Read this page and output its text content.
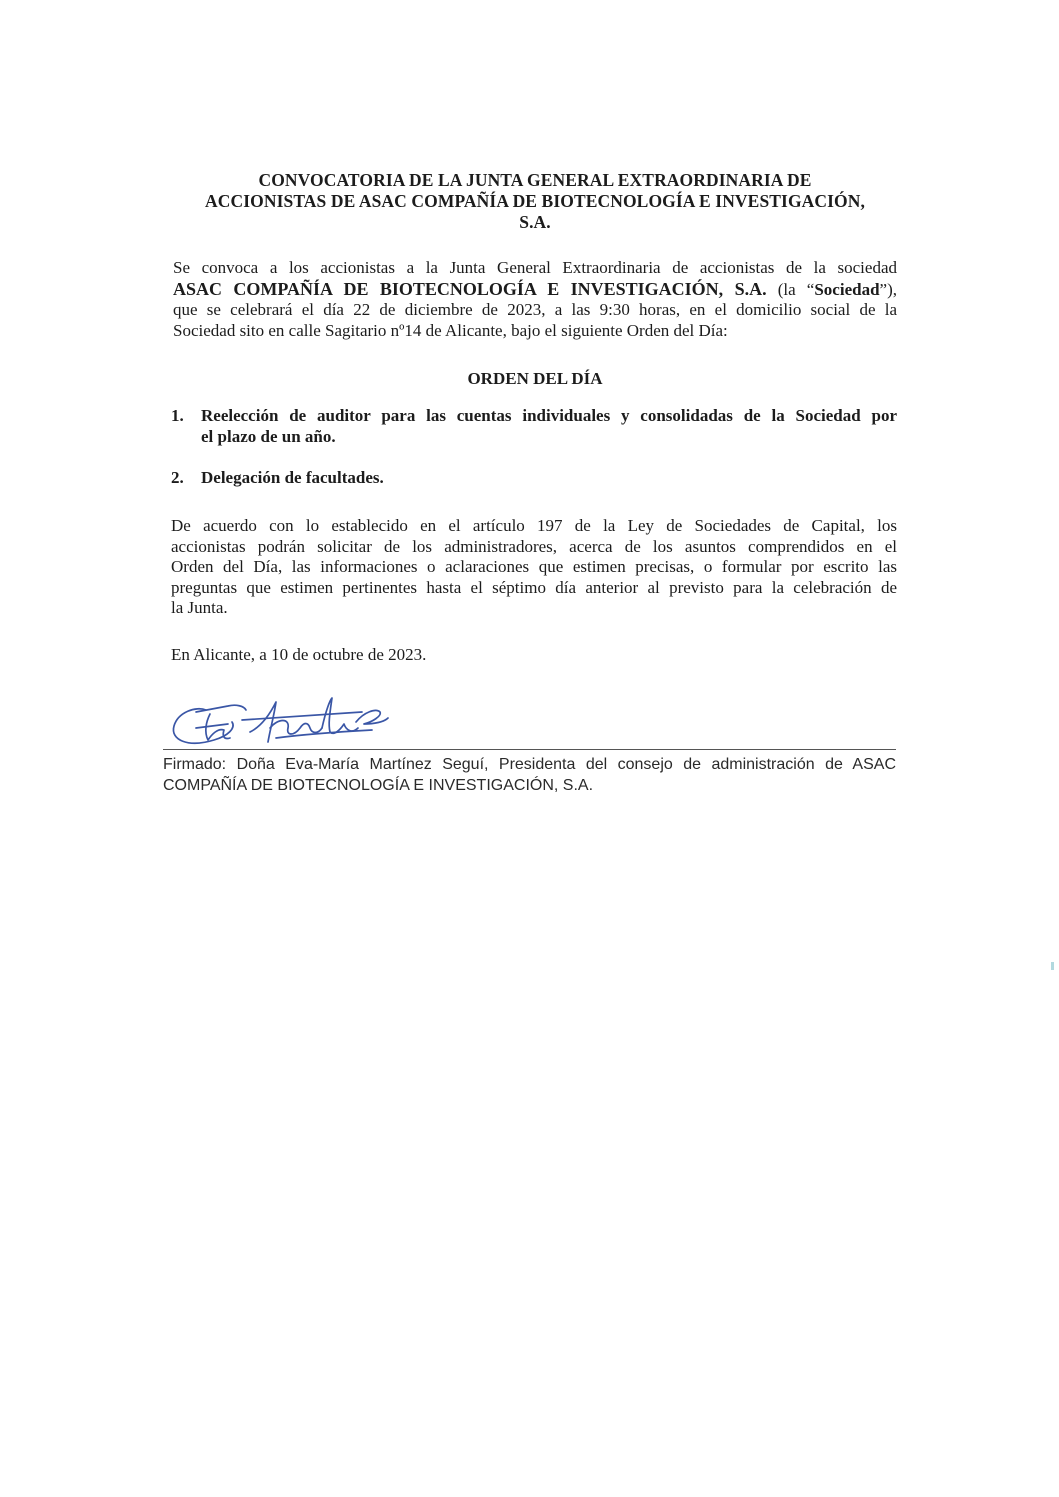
CONVOCATORIA DE LA JUNTA GENERAL EXTRAORDINARIA DE
ACCIONISTAS DE ASAC COMPAÑÍA DE BIOTECNOLOGÍA E INVESTIGACIÓN,
S.A.
Se convoca a los accionistas a la Junta General Extraordinaria de accionistas de la sociedad
ASAC COMPAÑÍA DE BIOTECNOLOGÍA E INVESTIGACIÓN, S.A. (la “Sociedad”),
que se celebrará el día 22 de diciembre de 2023, a las 9:30 horas, en el domicilio social de la
Sociedad sito en calle Sagitario nº14 de Alicante, bajo el siguiente Orden del Día:
ORDEN DEL DÍA
1. Reelección de auditor para las cuentas individuales y consolidadas de la Sociedad por
el plazo de un año.
2. Delegación de facultades.
De acuerdo con lo establecido en el artículo 197 de la Ley de Sociedades de Capital, los
accionistas podrán solicitar de los administradores, acerca de los asuntos comprendidos en el
Orden del Día, las informaciones o aclaraciones que estimen precisas, o formular por escrito las
preguntas que estimen pertinentes hasta el séptimo día anterior al previsto para la celebración de
la Junta.
En Alicante, a 10 de octubre de 2023.
Firmado: Doña Eva-María Martínez Seguí, Presidenta del consejo de administración de ASAC
COMPAÑÍA DE BIOTECNOLOGÍA E INVESTIGACIÓN, S.A.
